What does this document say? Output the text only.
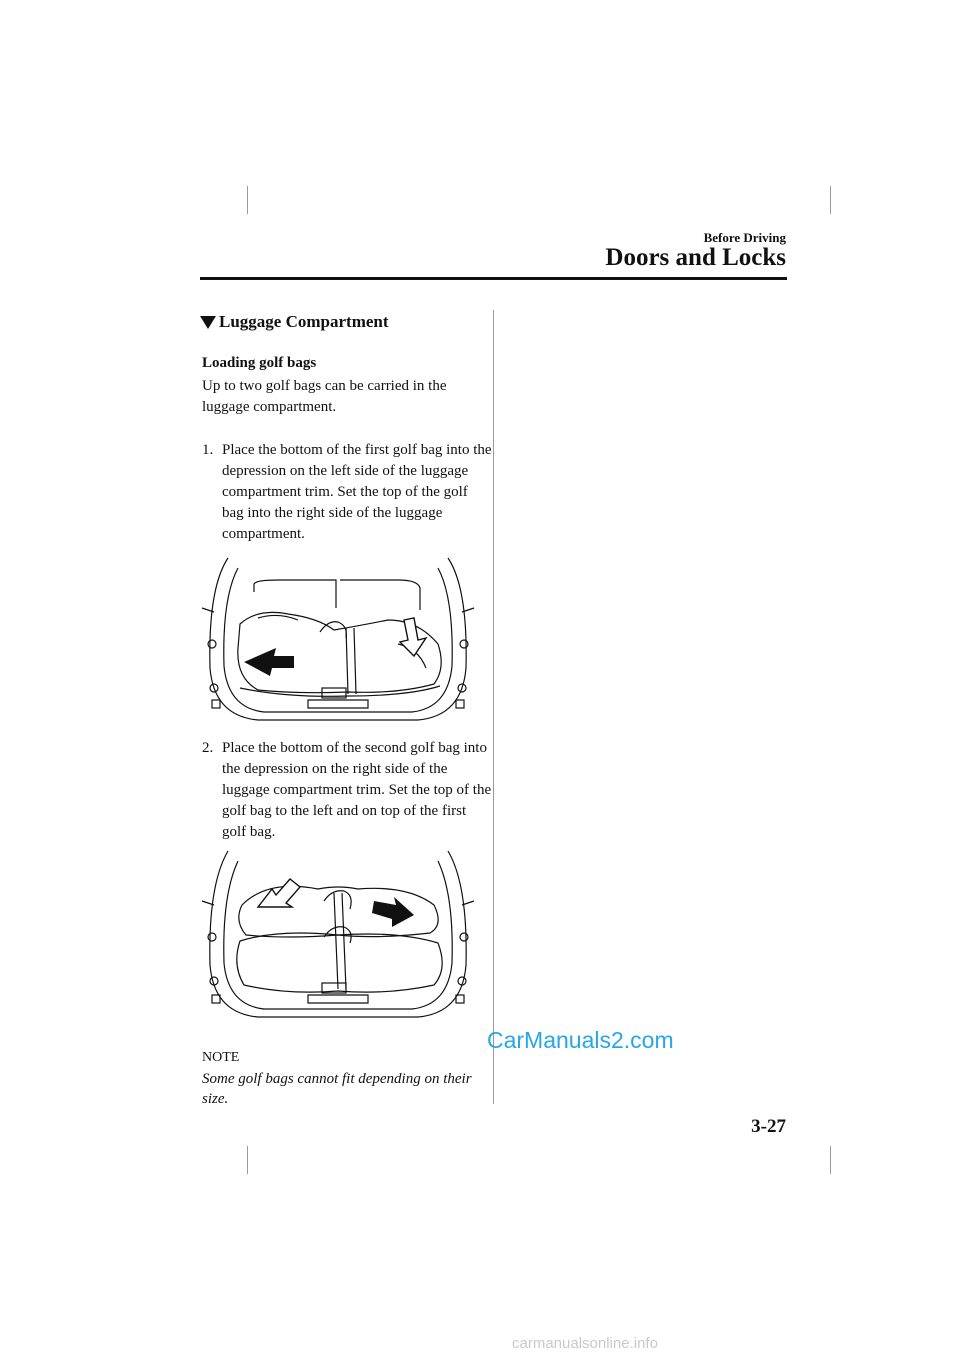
Before Driving
Doors and Locks
Luggage Compartment
Loading golf bags
Up to two golf bags can be carried in the luggage compartment.
1. Place the bottom of the first golf bag into the depression on the left side of the luggage compartment trim. Set the top of the golf bag into the right side of the luggage compartment.
2. Place the bottom of the second golf bag into the depression on the right side of the luggage compartment trim. Set the top of the golf bag to the left and on top of the first golf bag.
NOTE
Some golf bags cannot fit depending on their size.
CarManuals2.com
3-27
carmanualsonline.info
